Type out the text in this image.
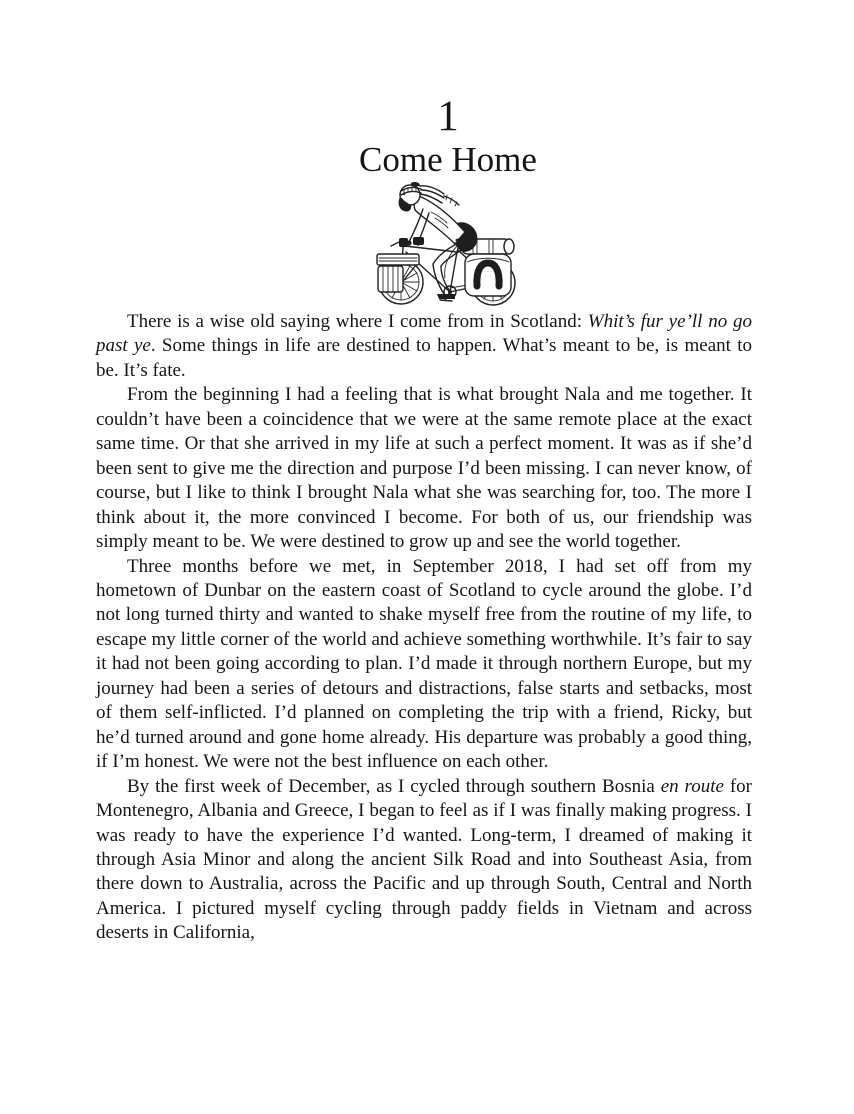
1
Come Home

There is a wise old saying where I come from in Scotland: Whit’s fur ye’ll no go past ye. Some things in life are destined to happen. What’s meant to be, is meant to be. It’s fate.

From the beginning I had a feeling that is what brought Nala and me together. It couldn’t have been a coincidence that we were at the same remote place at the exact same time. Or that she arrived in my life at such a perfect moment. It was as if she’d been sent to give me the direction and purpose I’d been missing. I can never know, of course, but I like to think I brought Nala what she was searching for, too. The more I think about it, the more convinced I become. For both of us, our friendship was simply meant to be. We were destined to grow up and see the world together.

Three months before we met, in September 2018, I had set off from my hometown of Dunbar on the eastern coast of Scotland to cycle around the globe. I’d not long turned thirty and wanted to shake myself free from the routine of my life, to escape my little corner of the world and achieve something worthwhile. It’s fair to say it had not been going according to plan. I’d made it through northern Europe, but my journey had been a series of detours and distractions, false starts and setbacks, most of them self-inflicted. I’d planned on completing the trip with a friend, Ricky, but he’d turned around and gone home already. His departure was probably a good thing, if I’m honest. We were not the best influence on each other.

By the first week of December, as I cycled through southern Bosnia en route for Montenegro, Albania and Greece, I began to feel as if I was finally making progress. I was ready to have the experience I’d wanted. Long-term, I dreamed of making it through Asia Minor and along the ancient Silk Road and into Southeast Asia, from there down to Australia, across the Pacific and up through South, Central and North America. I pictured myself cycling through paddy fields in Vietnam and across deserts in California,
